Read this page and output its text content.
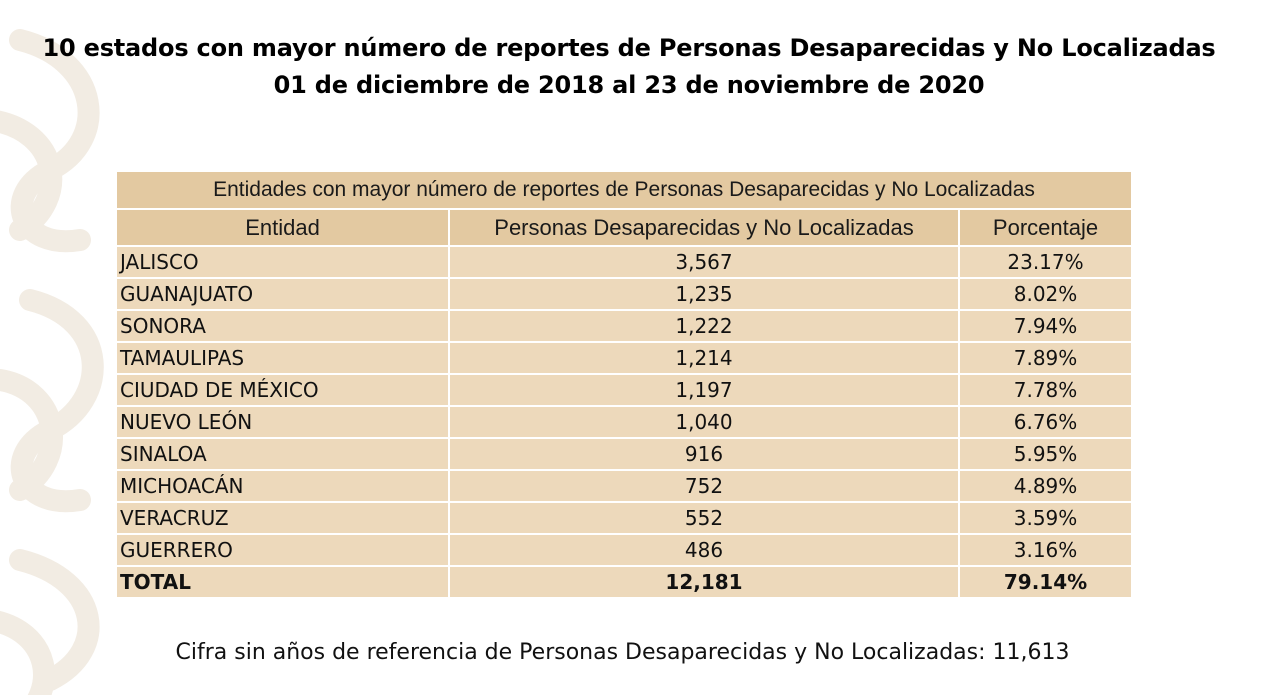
10 estados con mayor número de reportes de Personas Desaparecidas y No Localizadas
01 de diciembre de 2018 al 23 de noviembre de 2020
Entidades con mayor número de reportes de Personas Desaparecidas y No Localizadas		
Entidad	Personas Desaparecidas y No Localizadas	Porcentaje
JALISCO	3,567	23.17%
GUANAJUATO	1,235	8.02%
SONORA	1,222	7.94%
TAMAULIPAS	1,214	7.89%
CIUDAD DE MÉXICO	1,197	7.78%
NUEVO LEÓN	1,040	6.76%
SINALOA	916	5.95%
MICHOACÁN	752	4.89%
VERACRUZ	552	3.59%
GUERRERO	486	3.16%
TOTAL	12,181	79.14%
Cifra sin años de referencia de Personas Desaparecidas y No Localizadas: 11,613
